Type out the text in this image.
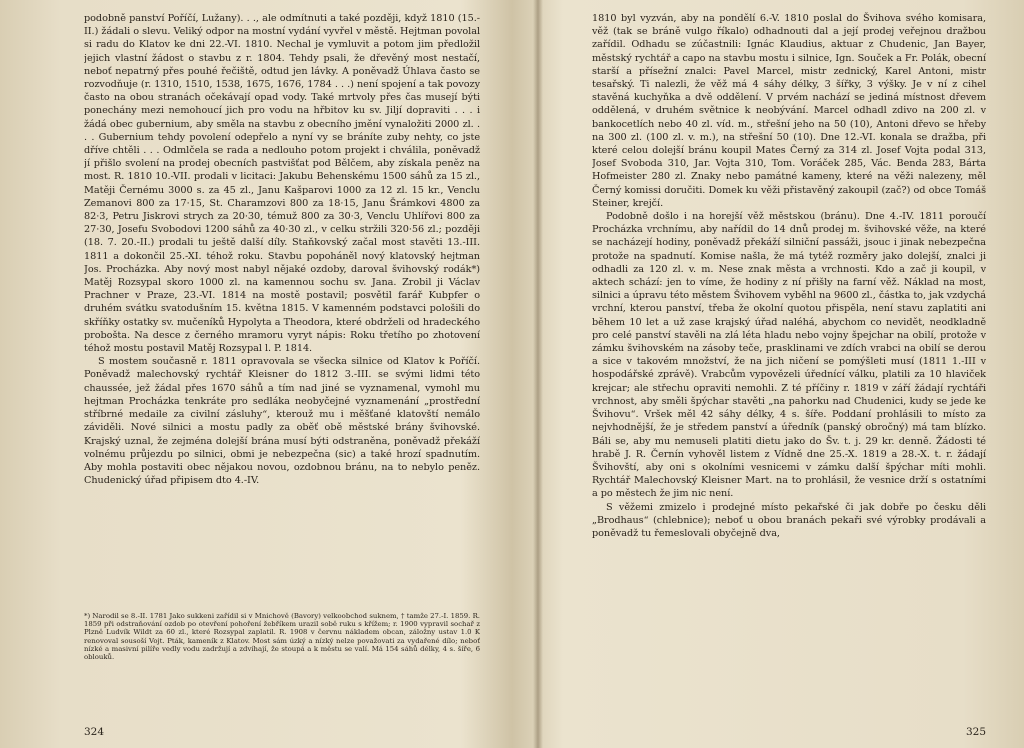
podobně panství Poříčí, Lužany). . ., ale odmítnuti a také později, když 1810 (15.-II.) žádali o slevu. Veliký odpor na mostní vydání vyvřel v městě. Hejtman povolal si radu do Klatov ke dni 22.-VI. 1810. Nechal je vymluvit a potom jim předložil jejich vlastní žádost o stavbu z r. 1804. Tehdy psali, že dřevěný most nestačí, neboť nepatrný přes pouhé řečiště, odtud jen lávky. A poněvadž Úhlava často se rozvodňuje (r. 1310, 1510, 1538, 1675, 1676, 1784 . . .) není spojení a tak povozy často na obou stranách očekávají opad vody. Také mrtvoly přes čas musejí býti ponechány mezi nemohoucí jich pro vodu na hřbitov ku sv. Jiljí dopraviti . . . i žádá obec gubernium, aby směla na stavbu z obecního jmění vynaložiti 2000 zl. . . . Gubernium tehdy povolení odepřelo a nyní vy se bráníte zuby nehty, co jste dříve chtěli . . . Odmlčela se rada a nedlouho potom projekt i chválila, poněvadž jí přišlo svolení na prodej obecních pastvišťat pod Bělčem, aby získala peněz na most. R. 1810 10.-VII. prodali v licitaci: Jakubu Behenskému 1500 sáhů za 15 zl., Matěji Černému 3000 s. za 45 zl., Janu Kašparovi 1000 za 12 zl. 15 kr., Venclu Zemanovi 800 za 17·15, St. Charamzovi 800 za 18·15, Janu Šrámkovi 4800 za 82·3, Petru Jiskrovi strych za 20·30, témuž 800 za 30·3, Venclu Uhlířovi 800 za 27·30, Josefu Svobodovi 1200 sáhů za 40·30 zl., v celku stržili 320·56 zl.; později (18. 7. 20.-II.) prodali tu ještě další díly. Staňkovský začal most stavěti 13.-III. 1811 a dokončil 25.-XI. téhož roku. Stavbu popoháněl nový klatovský hejtman Jos. Procházka. Aby nový most nabyl nějaké ozdoby, daroval švihovský rodák*) Matěj Rozsypal skoro 1000 zl. na kamennou sochu sv. Jana. Zrobil ji Václav Prachner v Praze, 23.-VI. 1814 na mostě postavil; posvětil farář Kubpfer o druhém svátku svatodušním 15. května 1815. V kamenném podstavci pološili do skříňky ostatky sv. mučeníků Hypolyta a Theodora, které obdrželi od hradeckého proboštа. Na desce z černého mramoru vyryt nápis: Roku třetího po zhotovení téhož mostu postavil Matěj Rozsypal l. P. 1814.

S mostem současně r. 1811 opravovala se všecka silnice od Klatov k Poříčí. Poněvadž malechovský rychtář Kleisner do 1812 3.-III. se svými lidmi této chaussée, jež žádal přes 1670 sáhů a tím nad jiné se vyznamenal, vymohl mu hejtman Procházka tenkráte pro sedláka neobyčejné vyznamenání „prostřední stříbrné medaile za civilní zásluhy“, kterouž mu i měšťané klatovští nemálo záviděli. Nové silnici a mostu padly za oběť obě městské brány švihovské. Krajský uznal, že zejména dolejší brána musí býti odstraněna, poněvadž překáží volnému průjezdu po silnici, obmi je nebezpečna (sic) a také hrozí spadnutím. Aby mohla postaviti obec nějakou novou, ozdobnou bránu, na to nebylo peněz. Chudenický úřad připisem dto 4.-IV.

*) Narodil se 8.-II. 1781 Jako sukkeni zařídil si v Mnichově (Bavory) velkoobchod suknem, † tamže 27.-I. 1859. R. 1859 při odstraňování ozdob po otevření pohoření žebříkem urazil sobě ruku s křížem; r. 1900 vypravil sochař z Plzně Ludvík Wildt za 60 zl., které Rozsypal zaplatil. R. 1908 v červnu nákladem obcan, záložny ustav 1.0 K renovoval sousoší Vojt. Pták, kameník z Klatov. Most sám úzký a nízký nelze považovati za vydařené dílo; neboť nízké a masivní pilíře vedly vodu zadržují a zdvíhají, že stoupá a k městu se valí. Má 154 sáhů délky, 4 s. šíře, 6 oblouků.
324

1810 byl vyzván, aby na pondělí 6.-V. 1810 poslal do Švihova svého komisara, věž (tak se bráně vulgo říkalo) odhadnouti dal a její prodej veřejnou dražbou zařídil. Odhadu se zúčastnili: Ignác Klaudius, aktuar z Chudenic, Jan Bayer, městský rychtář a capo na stavbu mostu i silnice, Ign. Souček a Fr. Polák, obecní starší a přísežní znalci: Pavel Marcel, mistr zednický, Karel Antoni, mistr tesařský. Ti nalezli, že věž má 4 sáhy délky, 3 šířky, 3 výšky. Je v ní z cihel stavěná kuchyňka a dvě oddělení. V prvém nachází se jediná místnost dřevem oddělená, v druhém světnice k neobývání. Marcel odhadl zdivo na 200 zl. v bankocetlích nebo 40 zl. víd. m., střešní jeho na 50 (10), Antoni dřevo se hřeby na 300 zl. (100 zl. v. m.), na střešní 50 (10). Dne 12.-VI. konala se dražba, při které celou dolejší bránu koupil Mates Černý za 314 zl. Josef Vojta podal 313, Josef Svoboda 310, Jar. Vojta 310, Tom. Voráček 285, Vác. Benda 283, Bárta Hofmeister 280 zl. Znaky nebo památné kameny, které na věži nalezeny, měl Černý komissi doručiti. Domek ku věži přistavěný zakoupil (zač?) od obce Tomáš Steiner, krejčí.

Podobně došlo i na horejší věž městskou (bránu). Dne 4.-IV. 1811 poroučí Procházka vrchnímu, aby nařídil do 14 dnů prodej m. švihovské věže, na které se nacházejí hodiny, poněvadž překáží silniční passáži, jsouc i jinak nebezpečna protože na spadnutí. Komise našla, že má tytéž rozměry jako dolejší, znalci ji odhadli za 120 zl. v. m. Nese znak města a vrchnosti. Kdo a zač ji koupil, v aktech schází: jen to víme, že hodiny z ní přišly na farní věž. Náklad na most, silnici a úpravu této městem Švihovem vyběhl na 9600 zl., částka to, jak vzdychá vrchní, kterou panství, třeba že okolní quotou přispěla, není stavu zaplatiti ani během 10 let a už zase krajský úřad naléhá, abychom co nevidět, neodkladně pro celé panství stavěli na zlá léta hladu nebo vojny špejchar na obilí, protože v zámku švihovském na zásoby teče, prasklinami ve zdích vrabci na obilí se derou a sice v takovém množství, že na jich ničení se pomýšleti musí (1811 1.-III v hospodářské zprávě). Vrabcům vypovězeli úřednící válku, platili za 10 hlaviček krejcar; ale střechu opraviti nemohli. Z té příčiny r. 1819 v září žádají rychtáři vrchnost, aby směli špýchar stavěti „na pahorku nad Chudenici, kudy se jede ke Švihovu“. Vršek měl 42 sáhy délky, 4 s. šíře. Poddaní prohlásili to místo za nejvhodnější, že je středem panství a úředník (panský obročný) má tam blízko. Báli se, aby mu nemuseli platiti dietu jako do Šv. t. j. 29 kr. denně. Žádosti té hrabě J. R. Černín vyhověl listem z Vídně dne 25.-X. 1819 a 28.-X. t. r. žádají Švihovští, aby oni s okolními vesnicemi v zámku další špýchar míti mohli. Rychtář Malechovský Kleisner Mart. na to prohlásil, že vesnice drží s ostatními a po městech že jim nic není.

S věžemi zmizelo i prodejné místo pekařské či jak dobře po česku děli „Brodhaus“ (chlebnice); neboť u obou branách pekaři své výrobky prodávali a poněvadž tu řemeslovali obyčejně dva,

325
